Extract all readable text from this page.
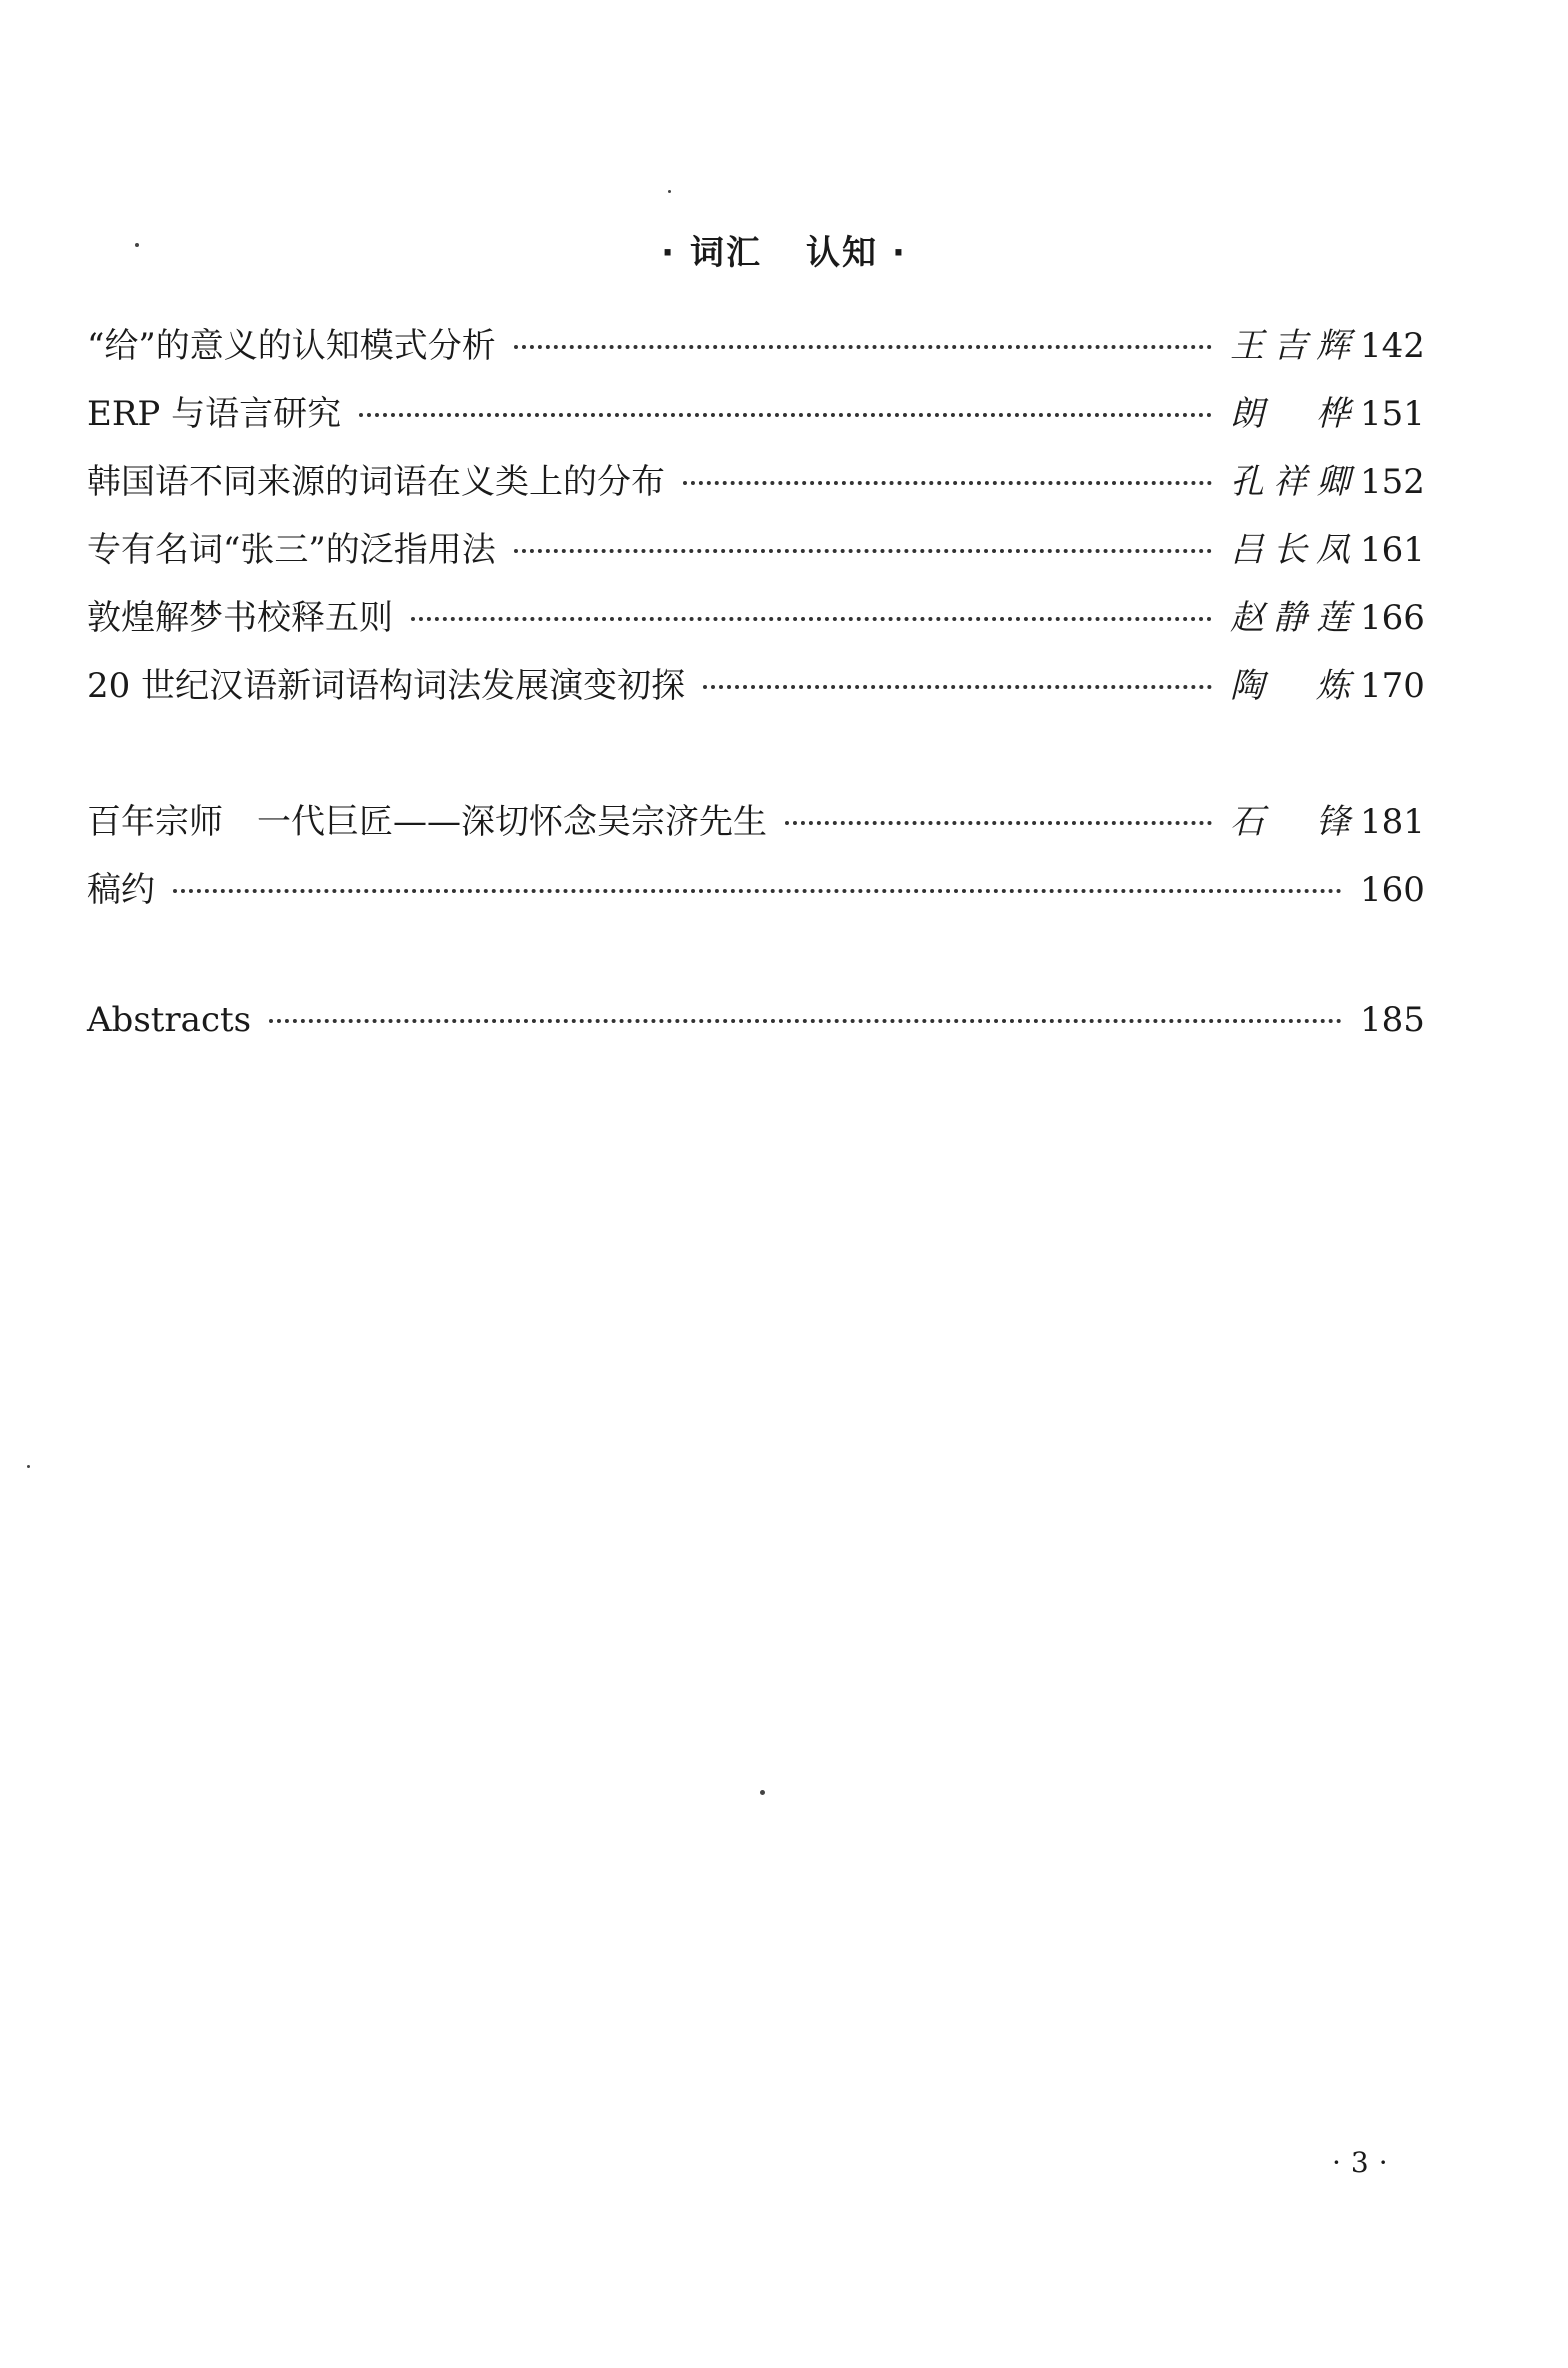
· 词汇 认知 ·
“给”的意义的认知模式分析	王吉辉 142
ERP 与语言研究	朗 桦 151
韩国语不同来源的词语在义类上的分布	孔祥卿 152
专有名词“张三”的泛指用法	吕长凤 161
敦煌解梦书校释五则	赵静莲 166
20 世纪汉语新词语构词法发展演变初探	陶 炼 170
百年宗师　一代巨匠——深切怀念吴宗济先生	石 锋 181
稿约	160
Abstracts	185
· 3 ·
